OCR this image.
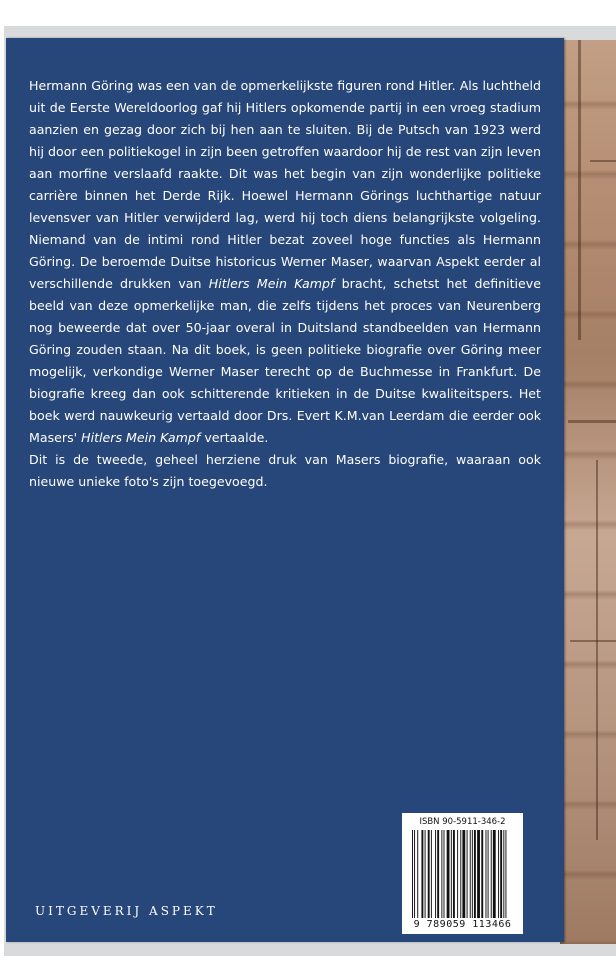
Hermann Göring was een van de opmerkelijkste figuren rond Hitler. Als luchtheld uit de Eerste Wereldoorlog gaf hij Hitlers opkomende partij in een vroeg stadium aanzien en gezag door zich bij hen aan te sluiten. Bij de Putsch van 1923 werd hij door een politiekogel in zijn been getroffen waardoor hij de rest van zijn leven aan morfine verslaafd raakte. Dit was het begin van zijn wonderlijke politieke carrière binnen het Derde Rijk. Hoewel Hermann Görings luchthartige natuur levensver van Hitler verwijderd lag, werd hij toch diens belangrijkste volgeling. Niemand van de intimi rond Hitler bezat zoveel hoge functies als Hermann Göring. De beroemde Duitse historicus Werner Maser, waarvan Aspekt eerder al verschillende drukken van Hitlers Mein Kampf bracht, schetst het definitieve beeld van deze opmerkelijke man, die zelfs tijdens het proces van Neurenberg nog beweerde dat over 50-jaar overal in Duitsland standbeelden van Hermann Göring zouden staan. Na dit boek, is geen politieke biografie over Göring meer mogelijk, verkondige Werner Maser terecht op de Buchmesse in Frankfurt. De biografie kreeg dan ook schitterende kritieken in de Duitse kwaliteitspers. Het boek werd nauwkeurig vertaald door Drs. Evert K.M.van Leerdam die eerder ook Masers' Hitlers Mein Kampf vertaalde.

Dit is de tweede, geheel herziene druk van Masers biografie, waaraan ook nieuwe unieke foto's zijn toegevoegd.

UITGEVERIJ ASPEKT
ISBN 90-5911-346-2
9 789059 113466
